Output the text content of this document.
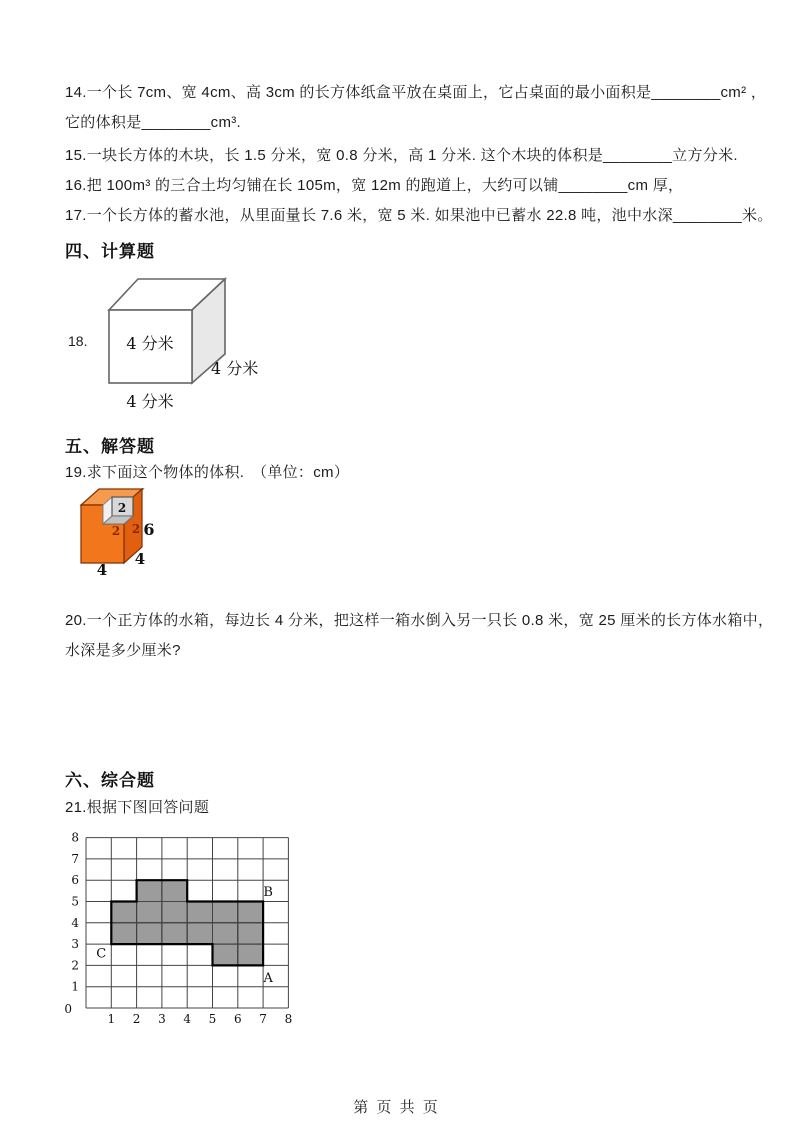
14.一个长 7cm、宽 4cm、高 3cm 的长方体纸盒平放在桌面上，它占桌面的最小面积是________cm² ，
它的体积是________cm³.
15.一块长方体的木块，长 1.5 分米，宽 0.8 分米，高 1 分米. 这个木块的体积是________立方分米.
16.把 100m³ 的三合土均匀铺在长 105m，宽 12m 的跑道上，大约可以铺________cm 厚，
17.一个长方体的蓄水池，从里面量长 7.6 米，宽 5 米. 如果池中已蓄水 22.8 吨，池中水深________米。
四、计算题
18. 4 分米
4 分米
4 分米
五、解答题
19.求下面这个物体的体积.　（单位：cm）
2
2 2 6
4
4
20.一个正方体的水箱，每边长 4 分米，把这样一箱水倒入另一只长 0.8 米，宽 25 厘米的长方体水箱中，
水深是多少厘米?
六、综合题
21.根据下图回答问题
1 2 3 4 5 6 7 8
1
2
3
4
5
6
7
8
0
A
B
C
第 页 共 页
